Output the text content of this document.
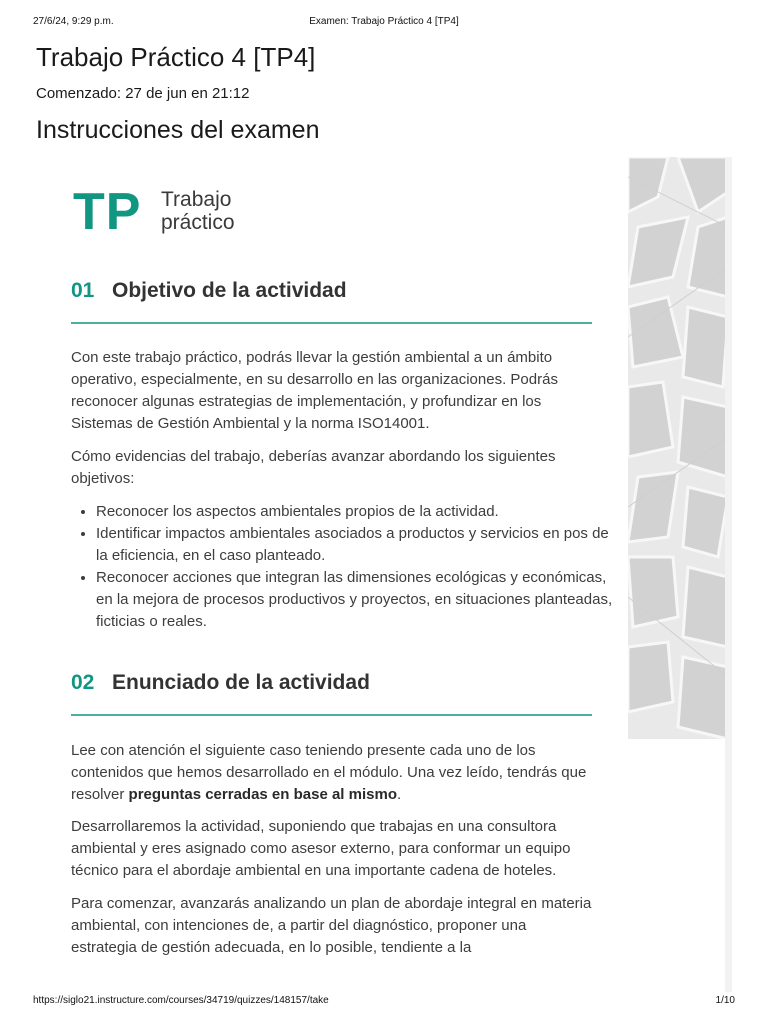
27/6/24, 9:29 p.m.	Examen: Trabajo Práctico 4 [TP4]
Trabajo Práctico 4 [TP4]
Comenzado: 27 de jun en 21:12
Instrucciones del examen
TP Trabajo
práctico
01 Objetivo de la actividad

Con este trabajo práctico, podrás llevar la gestión ambiental a un ámbito operativo, especialmente, en su desarrollo en las organizaciones. Podrás reconocer algunas estrategias de implementación, y profundizar en los Sistemas de Gestión Ambiental y la norma ISO14001.

Cómo evidencias del trabajo, deberías avanzar abordando los siguientes objetivos:

• Reconocer los aspectos ambientales propios de la actividad.
• Identificar impactos ambientales asociados a productos y servicios en pos de la eficiencia, en el caso planteado.
• Reconocer acciones que integran las dimensiones ecológicas y económicas, en la mejora de procesos productivos y proyectos, en situaciones planteadas, ficticias o reales.
02 Enunciado de la actividad

Lee con atención el siguiente caso teniendo presente cada uno de los contenidos que hemos desarrollado en el módulo. Una vez leído, tendrás que resolver preguntas cerradas en base al mismo.

Desarrollaremos la actividad, suponiendo que trabajas en una consultora ambiental y eres asignado como asesor externo, para conformar un equipo técnico para el abordaje ambiental en una importante cadena de hoteles.

Para comenzar, avanzarás analizando un plan de abordaje integral en materia ambiental, con intenciones de, a partir del diagnóstico, proponer una estrategia de gestión adecuada, en lo posible, tendiente a la

https://siglo21.instructure.com/courses/34719/quizzes/148157/take	1/10
